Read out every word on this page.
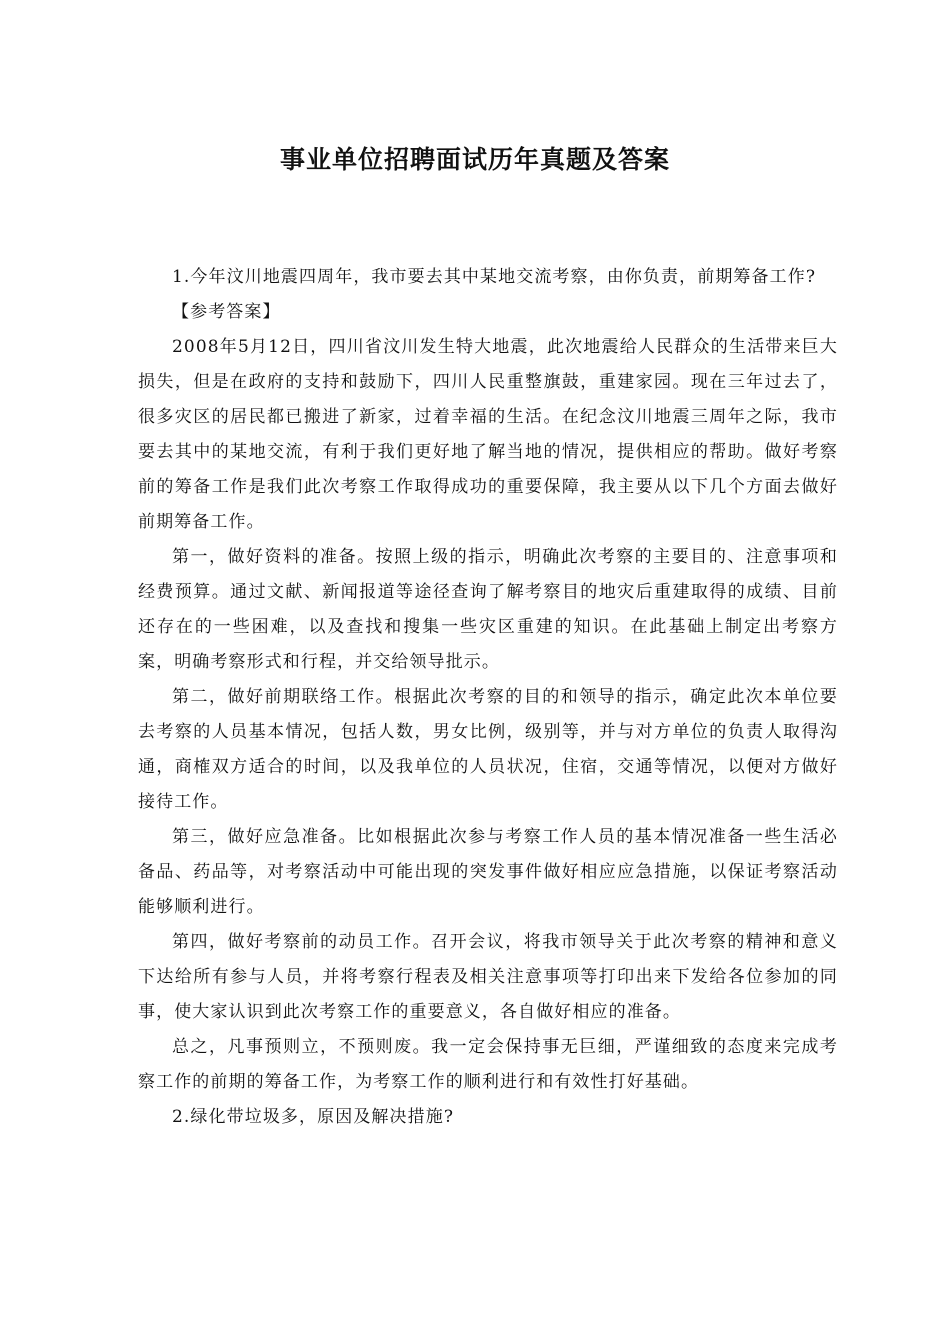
事业单位招聘面试历年真题及答案

1.今年汶川地震四周年，我市要去其中某地交流考察，由你负责，前期筹备工作?

【参考答案】

2008年5月12日，四川省汶川发生特大地震，此次地震给人民群众的生活带来巨大损失，但是在政府的支持和鼓励下，四川人民重整旗鼓，重建家园。现在三年过去了，很多灾区的居民都已搬进了新家，过着幸福的生活。在纪念汶川地震三周年之际，我市要去其中的某地交流，有利于我们更好地了解当地的情况，提供相应的帮助。做好考察前的筹备工作是我们此次考察工作取得成功的重要保障，我主要从以下几个方面去做好前期筹备工作。

第一，做好资料的准备。按照上级的指示，明确此次考察的主要目的、注意事项和经费预算。通过文献、新闻报道等途径查询了解考察目的地灾后重建取得的成绩、目前还存在的一些困难，以及查找和搜集一些灾区重建的知识。在此基础上制定出考察方案，明确考察形式和行程，并交给领导批示。

第二，做好前期联络工作。根据此次考察的目的和领导的指示，确定此次本单位要去考察的人员基本情况，包括人数，男女比例，级别等，并与对方单位的负责人取得沟通，商榷双方适合的时间，以及我单位的人员状况，住宿，交通等情况，以便对方做好接待工作。

第三，做好应急准备。比如根据此次参与考察工作人员的基本情况准备一些生活必备品、药品等，对考察活动中可能出现的突发事件做好相应应急措施，以保证考察活动能够顺利进行。

第四，做好考察前的动员工作。召开会议，将我市领导关于此次考察的精神和意义下达给所有参与人员，并将考察行程表及相关注意事项等打印出来下发给各位参加的同事，使大家认识到此次考察工作的重要意义，各自做好相应的准备。

总之，凡事预则立，不预则废。我一定会保持事无巨细，严谨细致的态度来完成考察工作的前期的筹备工作，为考察工作的顺利进行和有效性打好基础。

2.绿化带垃圾多，原因及解决措施?
